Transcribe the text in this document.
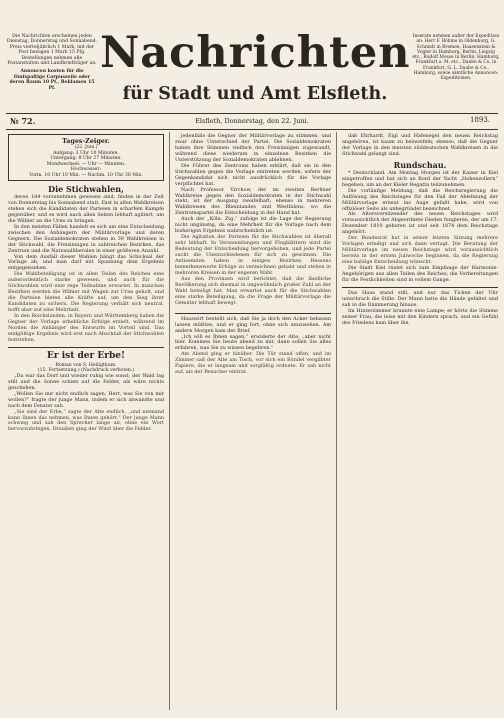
Die Nachrichten erscheinen jeden Dienstag, Donnerstag und Sonnabend. Preis vierteljährlich 1 Mark, mit der Post bezogen 1 Mark 15 Pfg. Bestellungen nehmen alle Postanstalten und Landbriefträger an.
Annoncen kosten für die fünfspaltige Corpuszeile oder deren Raum 10 Pf., Reklamen 15 Pf.
Nachrichten
für Stadt und Amt Elsfleth.
Inserate nehmen außer der Expedition an: Herr F. Böhme in Oldenburg, G. Schmidt in Bremen, Haasenstein & Vogler in Hamburg, Berlin, Leipzig etc., Rudolf Mosse in Berlin, Hamburg, Frankfurt a. M. etc., Daube & Co. in Frankfurt, G. L. Daube & Co., Hamburg, sowie sämtliche Annoncen-Expeditionen.
№ 72.	Elsfleth, Donnerstag, den 22. Juni.	1893.
Tages-Zeiger.
(22. Juni.)
Aufgang: 3 Uhr 10 Minuten.
Untergang: 8 Uhr 27 Minuten.
Mondwechsel: — Uhr — Minuten.
Hochwasser:
Vorm. 10 Uhr 10 Min. — Nachm. 10 Uhr 38 Min.
Die Stichwahlen,

deren 184 vorzunehmen gewesen sind, finden in der Zeit von Donnerstag bis Sonnabend statt. Fast in allen Wahlkreisen stehen sich die Kandidaten der Parteien in scharfem Kampfe gegenüber, und es wird nach allen Seiten lebhaft agitiert, um die Wähler an die Urne zu bringen.

In den meisten Fällen handelt es sich um eine Entscheidung zwischen den Anhängern der Militärvorlage und deren Gegnern. Die Sozialdemokraten stehen in 39 Wahlkreisen in der Stichwahl, die Freisinnigen in zahlreichen Bezirken, das Zentrum und die Nationalliberalen in einer größeren Anzahl.

Von dem Ausfall dieser Wahlen hängt das Schicksal der Vorlage ab, und man darf mit Spannung dem Ergebnis entgegensehen.

Die Wahlbeteiligung ist in allen Teilen des Reiches eine außerordentlich starke gewesen, und auch für die Stichwahlen wird eine rege Teilnahme erwartet. In manchen Bezirken werden die Wähler mit Wagen zur Urne geholt, und die Parteien bieten alle Kräfte auf, um den Sieg ihrer Kandidaten zu sichern. Die Regierung verhält sich neutral, hofft aber auf eine Mehrheit.

In den Reichslanden, in Bayern und Württemberg haben die Gegner der Vorlage erhebliche Erfolge erzielt, während im Norden die Anhänger des Entwurfs im Vorteil sind. Das endgültige Ergebnis wird erst nach Abschluß der Stichwahlen feststehen.

Er ist der Erbe!
Roman von S. Heiligthum.
(15. Fortsetzung.) (Nachdruck verboten.)

„Da war das Dorf und wieder ruhig wie sonst; der Wald lag still und die Sonne schien auf die Felder, als wäre nichts geschehen.

„Wollen Sie mir nicht endlich sagen, Herr, was Sie von mir wollen?“ fragte der junge Mann, indem er sich abwandte und nach dem Fenster sah.

„Sie sind der Erbe,“ sagte der Alte endlich, „und niemand kann Ihnen das nehmen, was Ihnen gehört.“ Der junge Mann schwieg und sah den Sprecher lange an, ohne ein Wort hervorzubringen. Draußen ging der Wind über die Felder.

jedenfalls die Gegner der Militärvorlage zu stimmen, und zwar ohne Unterschied der Partei. Die Sozialdemokraten haben ihre Stimmen vielfach den Freisinnigen zugewandt, während diese wiederum in einzelnen Bezirken die Unterstützung der Sozialdemokraten ablehnen.

Die Führer des Zentrums haben erklärt, daß sie in den Stichwahlen gegen die Vorlage eintreten werden, sofern der Gegenkandidat sich nicht ausdrücklich für die Vorlage verpflichtet hat.

Nach Professor Virchow, der im zweiten Berliner Wahlkreise gegen den Sozialdemokraten in der Stichwahl steht, ist der Ausgang zweifelhaft; ebenso in mehreren Wahlkreisen des Rheinlandes und Westfalens, wo die Zentrumspartei die Entscheidung in der Hand hat.

Auch der „Köln. Ztg.“ zufolge ist die Lage der Regierung nicht ungünstig, da eine Mehrheit für die Vorlage nach dem bisherigen Ergebnis wahrscheinlich ist.

Die Agitation der Parteien für die Stichwahlen ist überall sehr lebhaft. In Versammlungen und Flugblättern wird die Bedeutung der Entscheidung hervorgehoben, und jede Partei sucht die Unentschiedenen für sich zu gewinnen. Die Antisemiten haben in einigen Bezirken Hessens bemerkenswerte Erfolge zu verzeichnen gehabt und stehen in mehreren Kreisen in der engeren Wahl.

Aus den Provinzen wird berichtet, daß die ländliche Bevölkerung sich diesmal in ungewöhnlich großer Zahl an der Wahl beteiligt hat. Man erwartet auch für die Stichwahlen eine starke Beteiligung, da die Frage der Militärvorlage die Gemüter lebhaft bewegt.

Hauswirt bestellt sich, daß Sie ja doch den Acker bebauen lassen müßten, und er ging fort, ohne sich umzusehen. Am andern Morgen kam der Brief.

„Ich will es Ihnen sagen,“ erwiderte der Alte, „aber nicht hier. Kommen Sie heute abend zu mir, dann sollen Sie alles erfahren, was Sie zu wissen begehren.“

Am Abend ging er hinüber. Die Tür stand offen, und im Zimmer saß der Alte am Tisch, vor sich ein Bündel vergilbter Papiere, die er langsam und sorgfältig ordnete. Er sah nicht auf, als der Besucher eintrat.

daß Ehrhardt, Eigl und Hafenegel den neuen Reichstag angehören, ist kaum zu bezweifeln; ebenso, daß die Gegner der Vorlage in den meisten süddeutschen Wahlkreisen in die Stichwahl gelangt sind.

Rundschau.

* Deutschland. Am Montag Morgen ist der Kaiser in Kiel eingetroffen und hat sich an Bord der Yacht „Hohenzollern“ begeben, um an der Kieler Regatta teilzunehmen.

Die vorläufige Meldung, daß die Reichsregierung die Auflösung des Reichstages für den Fall der Ablehnung der Militärvorlage erneut ins Auge gefaßt habe, wird von offiziöser Seite als unbegründet bezeichnet.

Als Altersvorsitzender des neuen Reichstages wird voraussichtlich der Abgeordnete Dieden fungieren, der am 17. Dezember 1810 geboren ist und seit 1874 dem Reichstage angehört.

Der Bundesrat hat in seiner letzten Sitzung mehrere Vorlagen erledigt und sich dann vertagt. Die Beratung der Militärvorlage im neuen Reichstage wird voraussichtlich bereits in der ersten Juliwoche beginnen, da die Regierung eine baldige Entscheidung wünscht.

Die Stadt Kiel rüstet sich zum Empfange der Harmonie-Angehörigen aus allen Teilen des Reiches; die Vorbereitungen für die Festlichkeiten sind in vollem Gange.

Das Haus stand still, und nur das Ticken der Uhr unterbrach die Stille. Der Mann hatte die Hände gefaltet und sah in die Dämmerung hinaus.

Im Hinterzimmer brannte eine Lampe; er hörte die Stimme seiner Frau, die leise mit den Kindern sprach, und ein Gefühl des Friedens kam über ihn.
